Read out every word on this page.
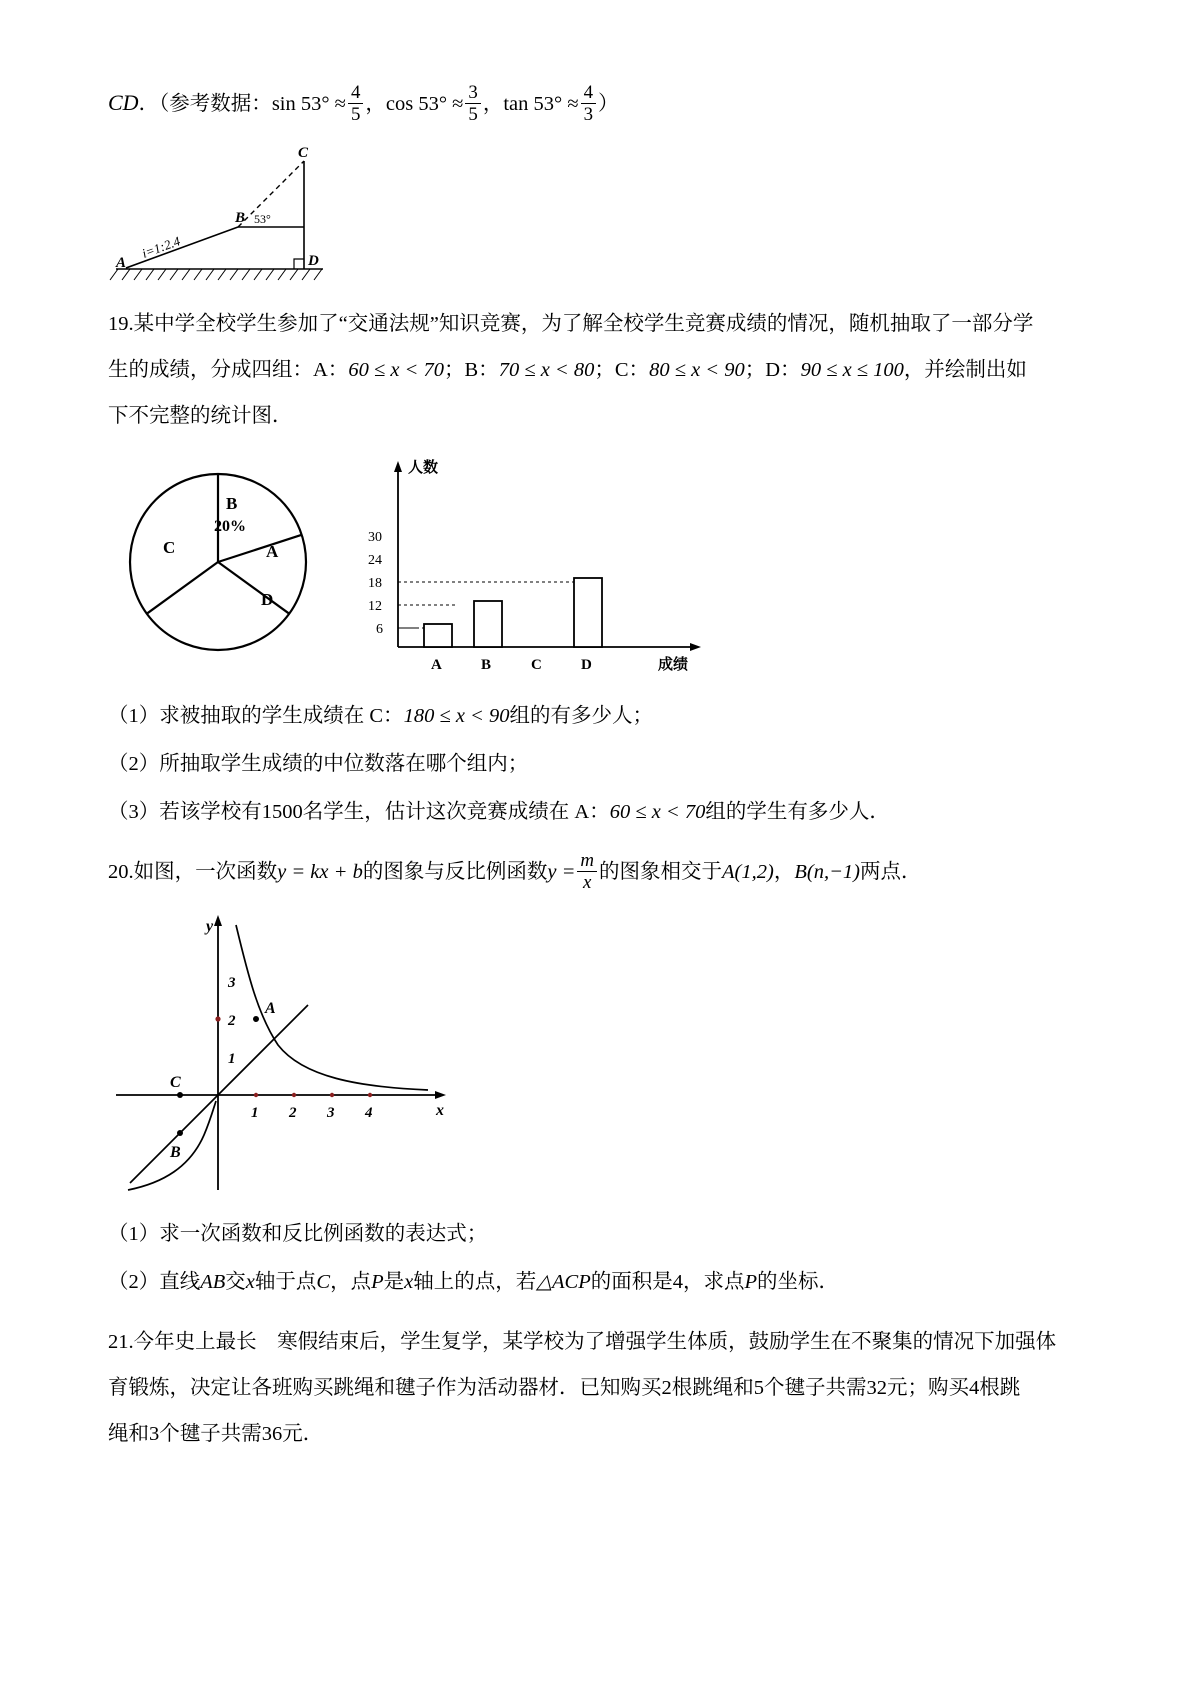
CD．（参考数据：$\sin 53^\circ \approx \frac{4}{5}$ ，$\cos 53^\circ \approx \frac{3}{5}$ ，$\tan 53^\circ \approx \frac{4}{3}$ ）

A
B
C
D
i=1:2.4
53°

19.某中学全校学生参加了“交通法规”知识竞赛，为了解全校学生竞赛成绩的情况，随机抽取了一部分学

生的成绩，分成四组：A：60 ≤ x < 70；B：70 ≤ x < 80；C：80 ≤ x < 90；D：90 ≤ x ≤ 100，并绘制出如

下不完整的统计图．

B
20%
A
D
C
人数
成绩
6
12
18
24
30
A	B	C	D

（1）求被抽取的学生成绩在 C：180 ≤ x < 90组的有多少人；

（2）所抽取学生成绩的中位数落在哪个组内；

（3）若该学校有1500名学生，估计这次竞赛成绩在 A：60 ≤ x < 70组的学生有多少人．

20.如图，一次函数y = kx + b的图象与反比例函数$y = \frac{m}{x}$ 的图象相交于A(1,2)，B(n,−1)两点．

y
x
1 2 3 4
1
2
3
A
B
C

（1）求一次函数和反比例函数的表达式；

（2）直线AB交x轴于点C，点P是x轴上的点，若△ACP的面积是4，求点P的坐标．

21.今年史上最长　寒假结束后，学生复学，某学校为了增强学生体质，鼓励学生在不聚集的情况下加强体

育锻炼，决定让各班购买跳绳和毽子作为活动器材．已知购买2根跳绳和5个毽子共需32元；购买4根跳

绳和3个毽子共需36元．
